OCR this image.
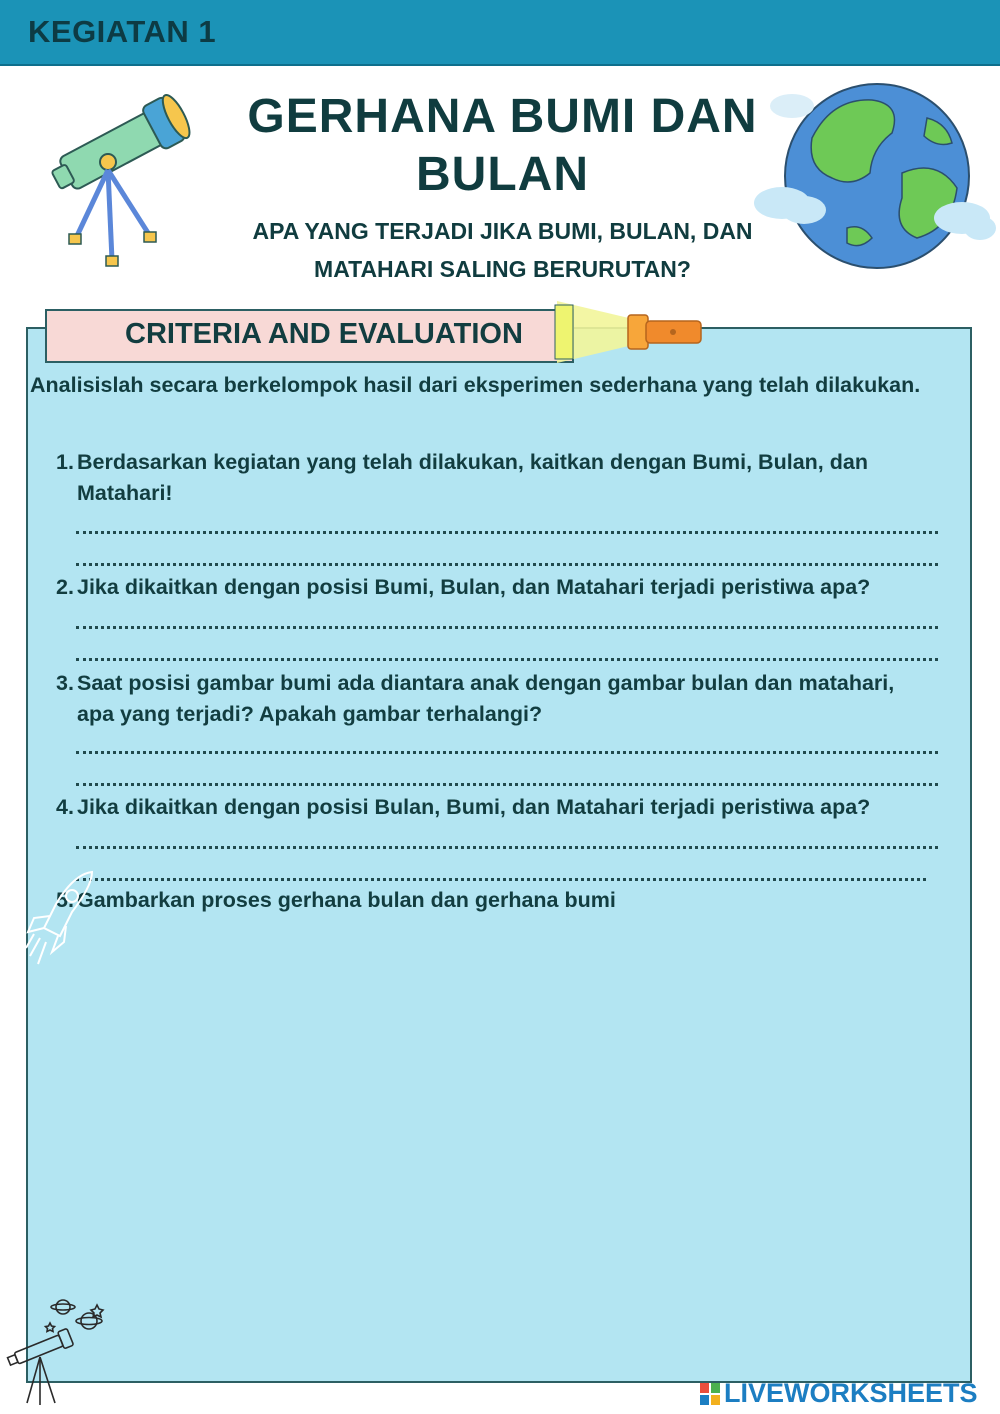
KEGIATAN 1
CRITERIA AND EVALUATION
Analisislah secara berkelompok hasil dari eksperimen sederhana yang telah dilakukan.
1. Berdasarkan kegiatan yang telah dilakukan, kaitkan dengan Bumi, Bulan, dan Matahari!
2. Jika dikaitkan dengan posisi Bumi, Bulan, dan Matahari terjadi peristiwa apa?
3. Saat posisi gambar bumi ada diantara anak dengan gambar bulan dan matahari, apa yang terjadi? Apakah gambar terhalangi?
4. Jika dikaitkan dengan posisi Bulan, Bumi, dan Matahari terjadi peristiwa apa?
5. Gambarkan proses gerhana bulan dan gerhana bumi
LIVEWORKSHEETS
GERHANA BUMI DAN
BULAN
APA YANG TERJADI JIKA BUMI, BULAN, DAN
MATAHARI SALING BERURUTAN?
